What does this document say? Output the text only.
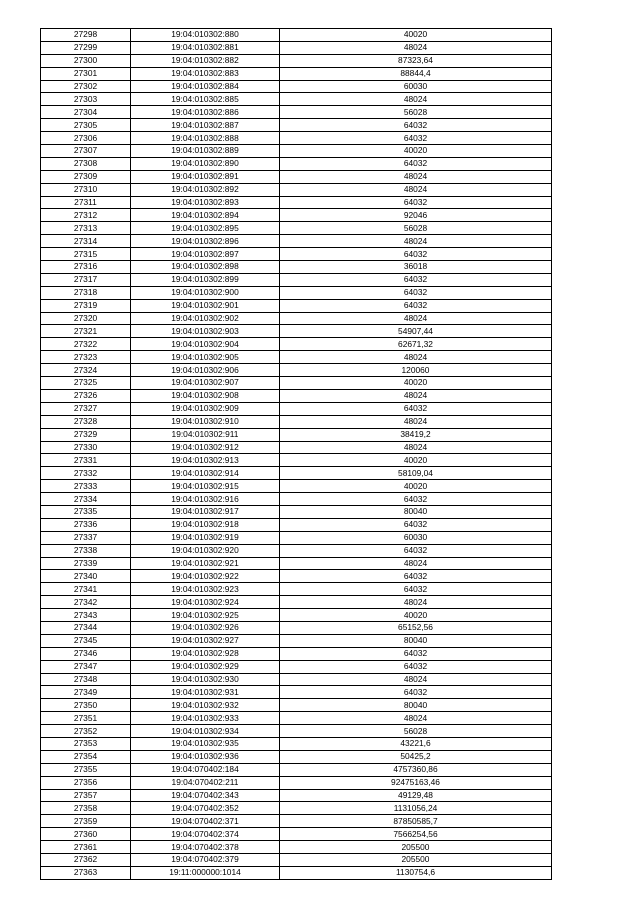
27298	19:04:010302:880	40020
27299	19:04:010302:881	48024
27300	19:04:010302:882	87323,64
27301	19:04:010302:883	88844,4
27302	19:04:010302:884	60030
27303	19:04:010302:885	48024
27304	19:04:010302:886	56028
27305	19:04:010302:887	64032
27306	19:04:010302:888	64032
27307	19:04:010302:889	40020
27308	19:04:010302:890	64032
27309	19:04:010302:891	48024
27310	19:04:010302:892	48024
27311	19:04:010302:893	64032
27312	19:04:010302:894	92046
27313	19:04:010302:895	56028
27314	19:04:010302:896	48024
27315	19:04:010302:897	64032
27316	19:04:010302:898	36018
27317	19:04:010302:899	64032
27318	19:04:010302:900	64032
27319	19:04:010302:901	64032
27320	19:04:010302:902	48024
27321	19:04:010302:903	54907,44
27322	19:04:010302:904	62671,32
27323	19:04:010302:905	48024
27324	19:04:010302:906	120060
27325	19:04:010302:907	40020
27326	19:04:010302:908	48024
27327	19:04:010302:909	64032
27328	19:04:010302:910	48024
27329	19:04:010302:911	38419,2
27330	19:04:010302:912	48024
27331	19:04:010302:913	40020
27332	19:04:010302:914	58109,04
27333	19:04:010302:915	40020
27334	19:04:010302:916	64032
27335	19:04:010302:917	80040
27336	19:04:010302:918	64032
27337	19:04:010302:919	60030
27338	19:04:010302:920	64032
27339	19:04:010302:921	48024
27340	19:04:010302:922	64032
27341	19:04:010302:923	64032
27342	19:04:010302:924	48024
27343	19:04:010302:925	40020
27344	19:04:010302:926	65152,56
27345	19:04:010302:927	80040
27346	19:04:010302:928	64032
27347	19:04:010302:929	64032
27348	19:04:010302:930	48024
27349	19:04:010302:931	64032
27350	19:04:010302:932	80040
27351	19:04:010302:933	48024
27352	19:04:010302:934	56028
27353	19:04:010302:935	43221,6
27354	19:04:010302:936	50425,2
27355	19:04:070402:184	4757360,86
27356	19:04:070402:211	92475163,46
27357	19:04:070402:343	49129,48
27358	19:04:070402:352	1131056,24
27359	19:04:070402:371	87850585,7
27360	19:04:070402:374	7566254,56
27361	19:04:070402:378	205500
27362	19:04:070402:379	205500
27363	19:11:000000:1014	1130754,6
